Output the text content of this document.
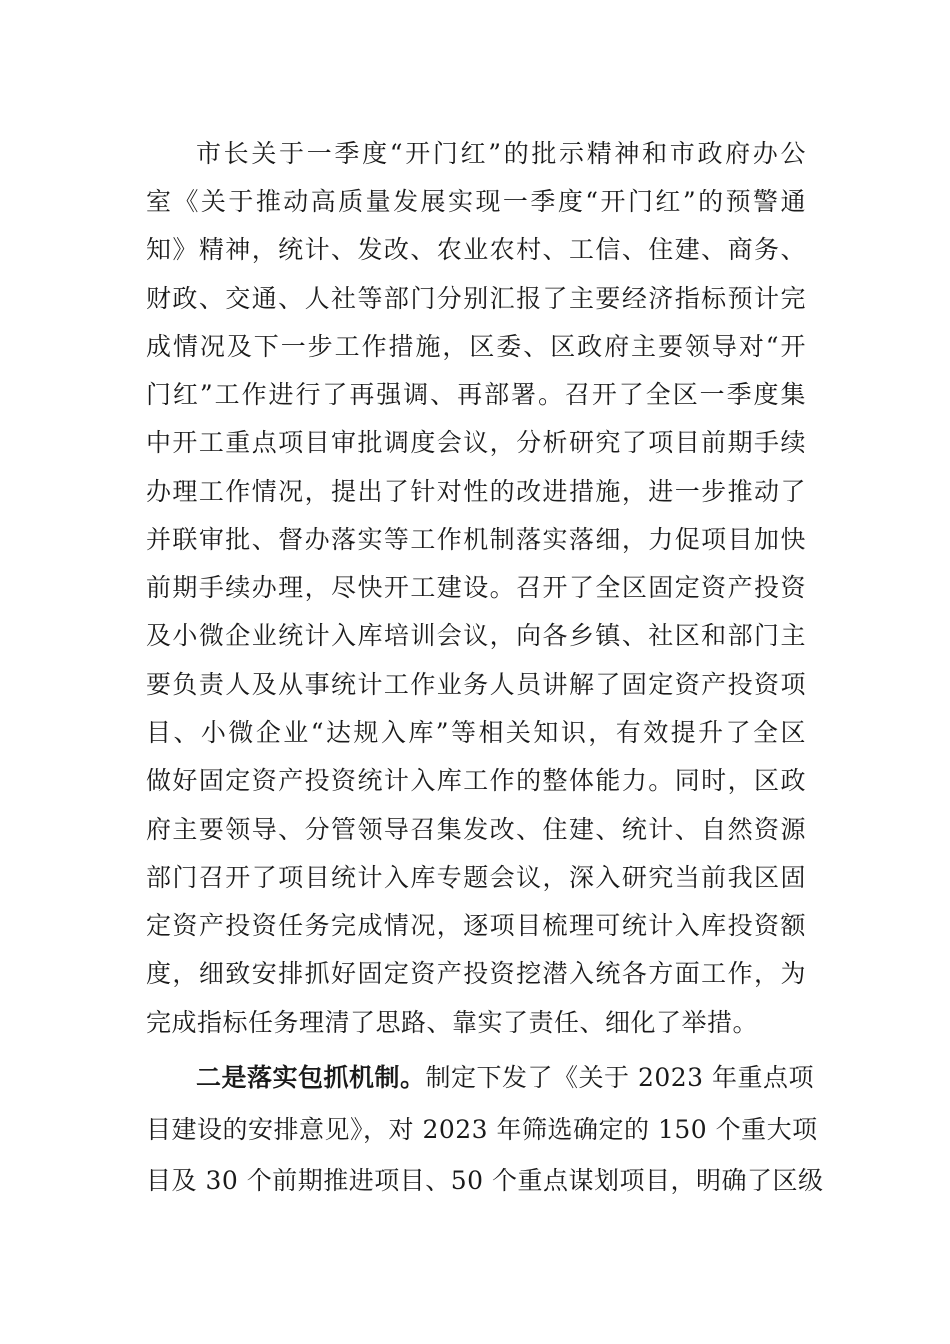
市长关于一季度“开门红”的批示精神和市政府办公
室《关于推动高质量发展实现一季度“开门红”的预警通
知》精神，统计、发改、农业农村、工信、住建、商务、
财政、交通、人社等部门分别汇报了主要经济指标预计完
成情况及下一步工作措施，区委、区政府主要领导对“开
门红”工作进行了再强调、再部署。召开了全区一季度集
中开工重点项目审批调度会议，分析研究了项目前期手续
办理工作情况，提出了针对性的改进措施，进一步推动了
并联审批、督办落实等工作机制落实落细，力促项目加快
前期手续办理，尽快开工建设。召开了全区固定资产投资
及小微企业统计入库培训会议，向各乡镇、社区和部门主
要负责人及从事统计工作业务人员讲解了固定资产投资项
目、小微企业“达规入库”等相关知识，有效提升了全区
做好固定资产投资统计入库工作的整体能力。同时，区政
府主要领导、分管领导召集发改、住建、统计、自然资源
部门召开了项目统计入库专题会议，深入研究当前我区固
定资产投资任务完成情况，逐项目梳理可统计入库投资额
度，细致安排抓好固定资产投资挖潜入统各方面工作，为
完成指标任务理清了思路、靠实了责任、细化了举措。
二是落实包抓机制。制定下发了《关于 2023 年重点项
目建设的安排意见》，对 2023 年筛选确定的 150 个重大项
目及 30 个前期推进项目、50 个重点谋划项目，明确了区级
